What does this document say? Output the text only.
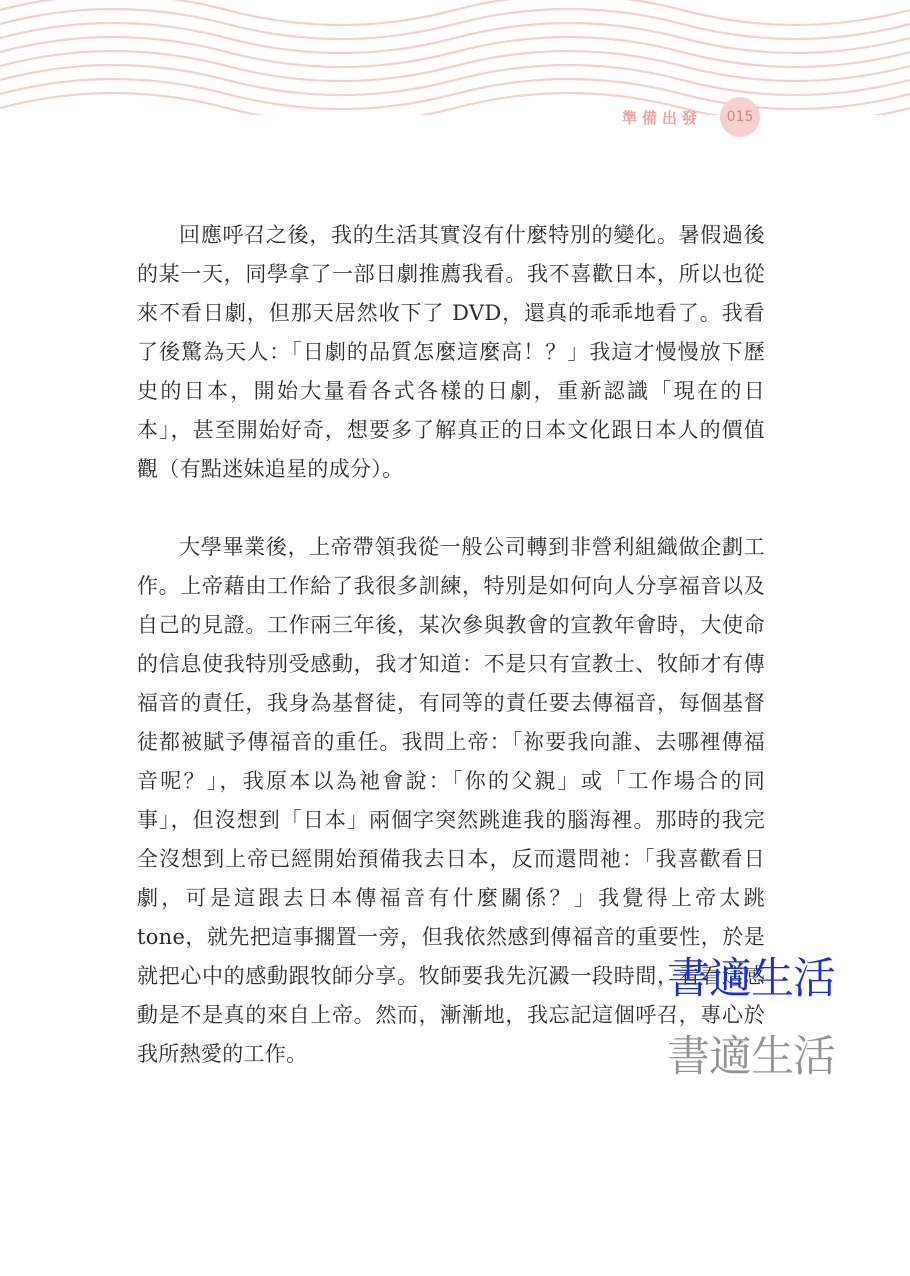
準備出發	015

回應呼召之後，我的生活其實沒有什麼特別的變化。暑假過後的某一天，同學拿了一部日劇推薦我看。我不喜歡日本，所以也從來不看日劇，但那天居然收下了 DVD，還真的乖乖地看了。我看了後驚為天人：「日劇的品質怎麼這麼高！？」我這才慢慢放下歷史的日本，開始大量看各式各樣的日劇，重新認識「現在的日本」，甚至開始好奇，想要多了解真正的日本文化跟日本人的價值觀（有點迷妹追星的成分）。

大學畢業後，上帝帶領我從一般公司轉到非營利組織做企劃工作。上帝藉由工作給了我很多訓練，特別是如何向人分享福音以及自己的見證。工作兩三年後，某次參與教會的宣教年會時，大使命的信息使我特別受感動，我才知道：不是只有宣教士、牧師才有傳福音的責任，我身為基督徒，有同等的責任要去傳福音，每個基督徒都被賦予傳福音的重任。我問上帝：「祢要我向誰、去哪裡傳福音呢？」，我原本以為祂會說：「你的父親」或「工作場合的同事」，但沒想到「日本」兩個字突然跳進我的腦海裡。那時的我完全沒想到上帝已經開始預備我去日本，反而還問祂：「我喜歡看日劇，可是這跟去日本傳福音有什麼關係？」我覺得上帝太跳 tone，就先把這事擱置一旁，但我依然感到傳福音的重要性，於是就把心中的感動跟牧師分享。牧師要我先沉澱一段時間，看看這感動是不是真的來自上帝。然而，漸漸地，我忘記這個呼召，專心於我所熱愛的工作。

書適生活
書適生活
